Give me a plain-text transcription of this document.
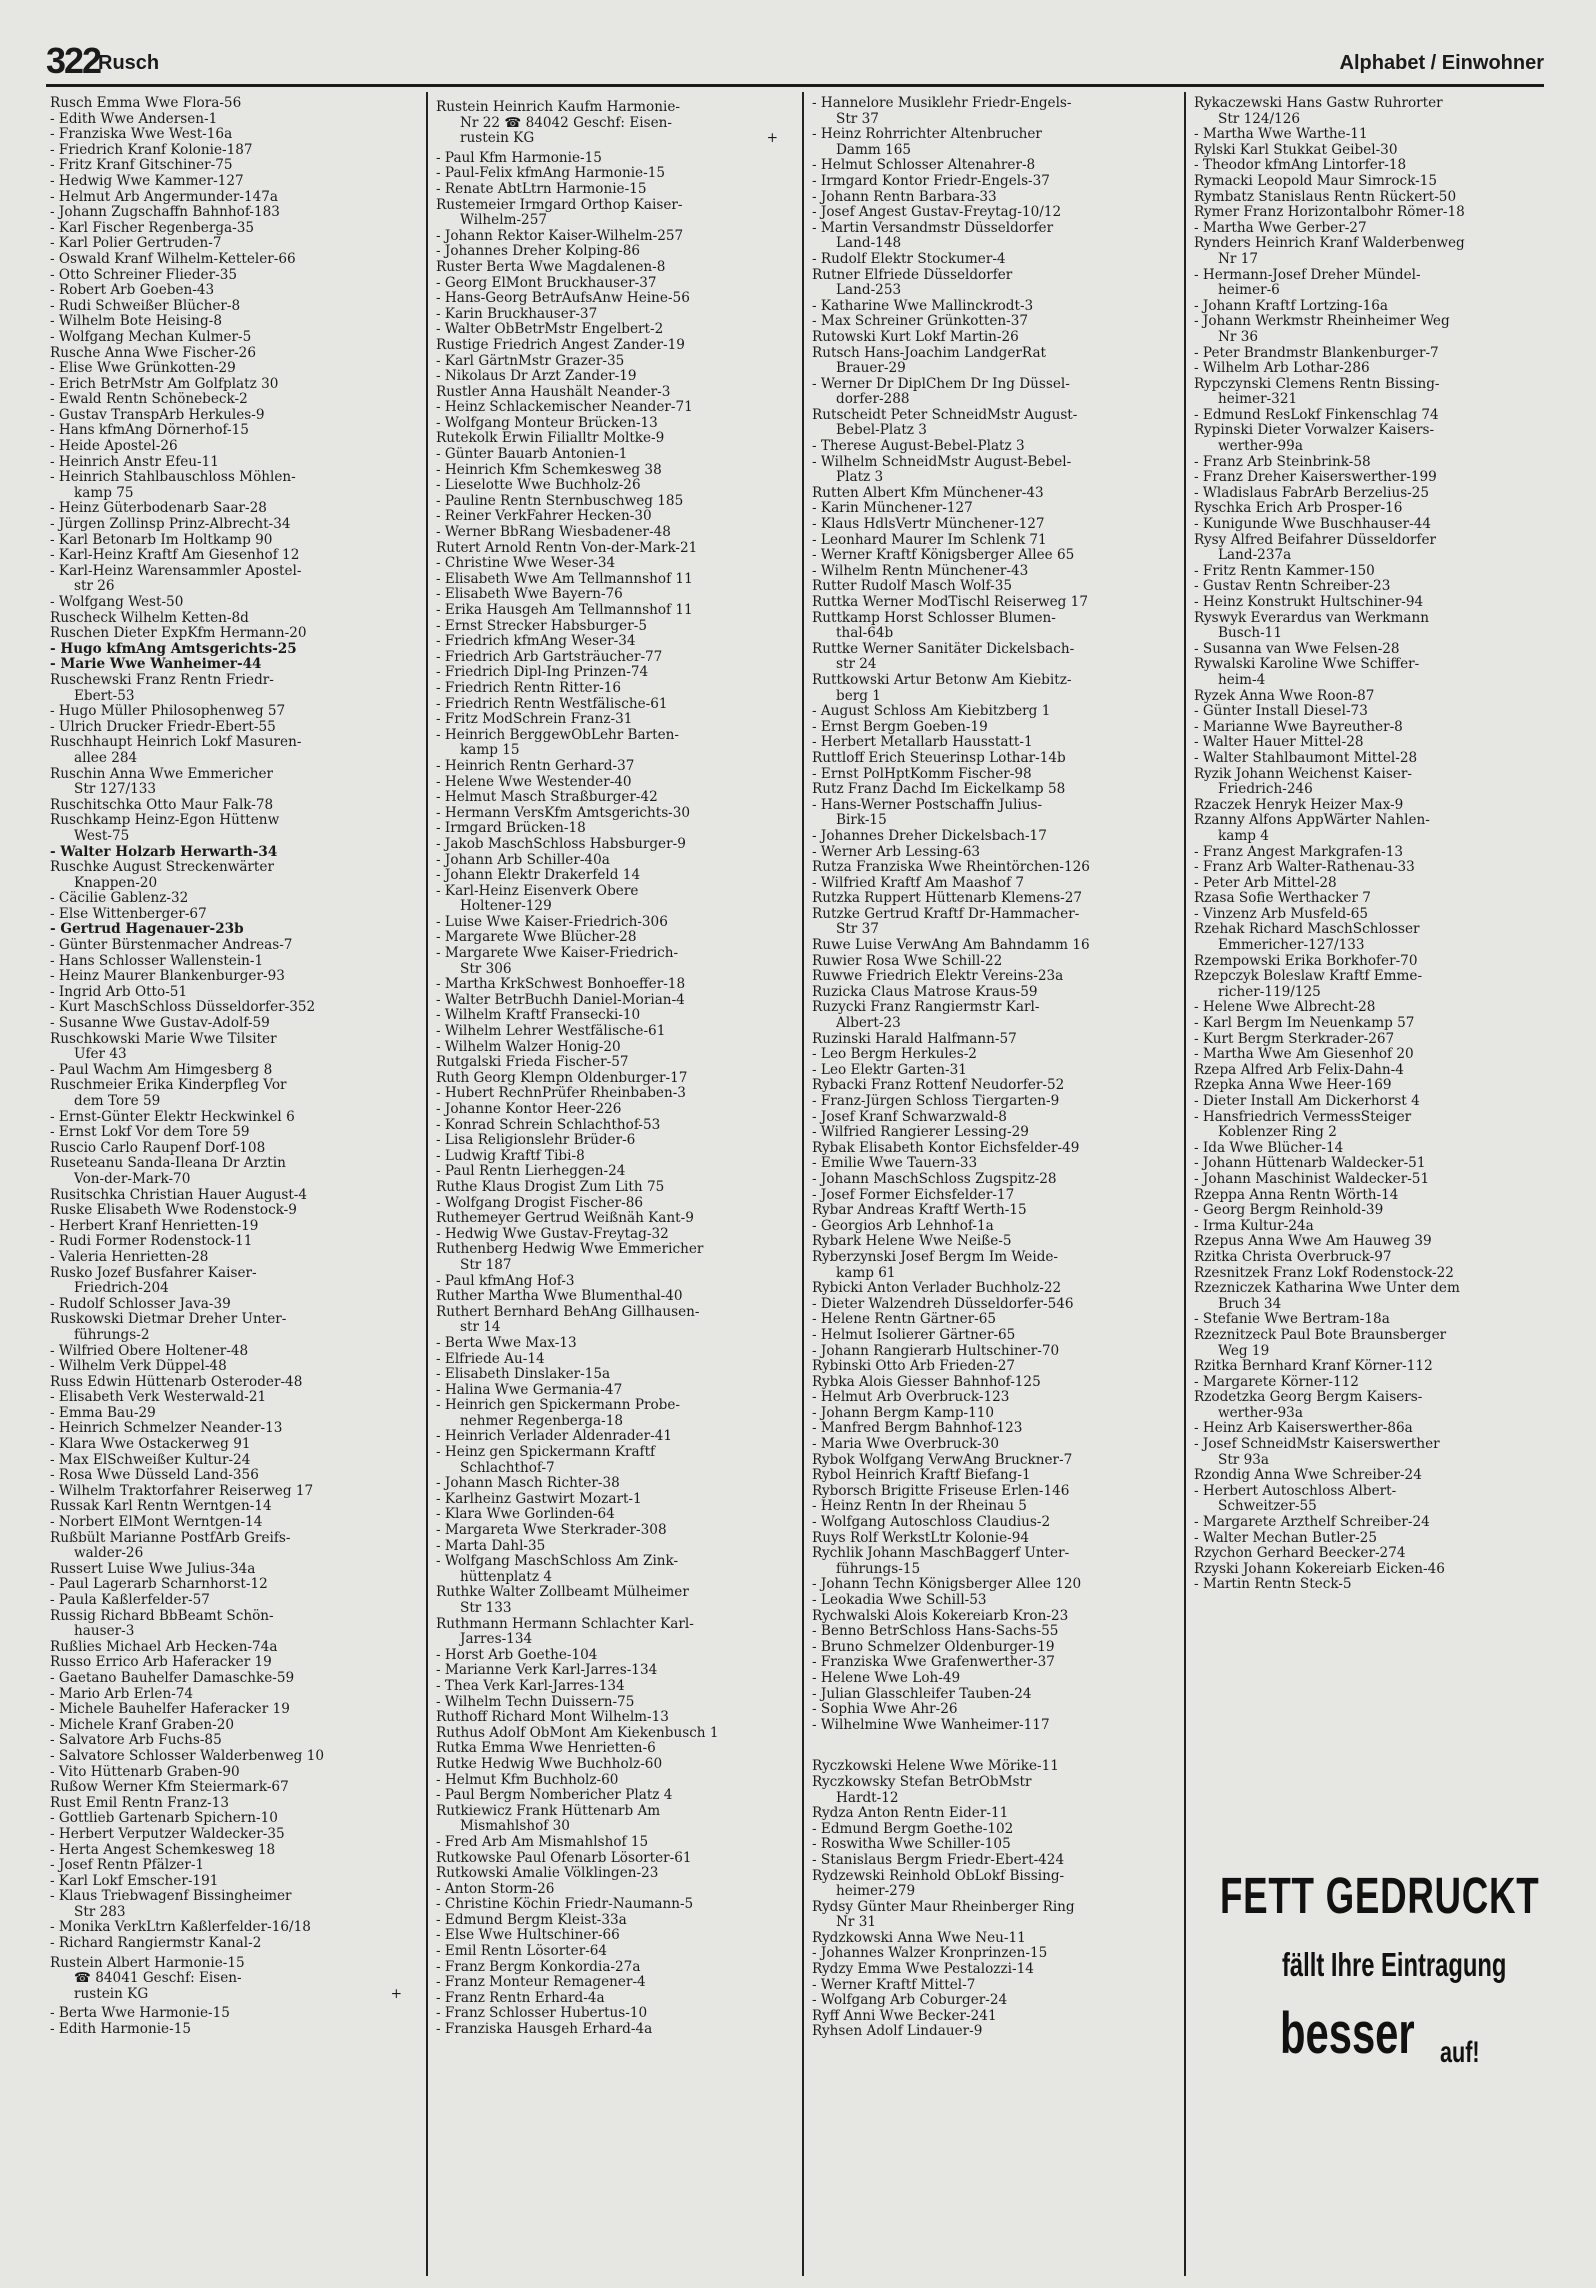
322
Rusch	Alphabet / Einwohner
Rusch Emma Wwe Flora-56
- Edith Wwe Andersen-1
- Franziska Wwe West-16a
- Friedrich Kranf Kolonie-187
- Fritz Kranf Gitschiner-75
- Hedwig Wwe Kammer-127
- Helmut Arb Angermunder-147a
- Johann Zugschaffn Bahnhof-183
- Karl Fischer Regenberga-35
- Karl Polier Gertruden-7
- Oswald Kranf Wilhelm-Ketteler-66
- Otto Schreiner Flieder-35
- Robert Arb Goeben-43
- Rudi Schweißer Blücher-8
- Wilhelm Bote Heising-8
- Wolfgang Mechan Kulmer-5
Rusche Anna Wwe Fischer-26
- Elise Wwe Grünkotten-29
- Erich BetrMstr Am Golfplatz 30
- Ewald Rentn Schönebeck-2
- Gustav TranspArb Herkules-9
- Hans kfmAng Dörnerhof-15
- Heide Apostel-26
- Heinrich Anstr Efeu-11
- Heinrich Stahlbauschloss Möhlen-
kamp 75
- Heinz Güterbodenarb Saar-28
- Jürgen Zollinsp Prinz-Albrecht-34
- Karl Betonarb Im Holtkamp 90
- Karl-Heinz Kraftf Am Giesenhof 12
- Karl-Heinz Warensammler Apostel-
str 26
- Wolfgang West-50
Ruscheck Wilhelm Ketten-8d
Ruschen Dieter ExpKfm Hermann-20
- Hugo kfmAng Amtsgerichts-25
- Marie Wwe Wanheimer-44
Ruschewski Franz Rentn Friedr-
Ebert-53
- Hugo Müller Philosophenweg 57
- Ulrich Drucker Friedr-Ebert-55
Ruschhaupt Heinrich Lokf Masuren-
allee 284
Ruschin Anna Wwe Emmericher
Str 127/133
Ruschitschka Otto Maur Falk-78
Ruschkamp Heinz-Egon Hüttenw
West-75
- Walter Holzarb Herwarth-34
Ruschke August Streckenwärter
Knappen-20
- Cäcilie Gablenz-32
- Else Wittenberger-67
- Gertrud Hagenauer-23b
- Günter Bürstenmacher Andreas-7
- Hans Schlosser Wallenstein-1
- Heinz Maurer Blankenburger-93
- Ingrid Arb Otto-51
- Kurt MaschSchloss Düsseldorfer-352
- Susanne Wwe Gustav-Adolf-59
Ruschkowski Marie Wwe Tilsiter
Ufer 43
- Paul Wachm Am Himgesberg 8
Ruschmeier Erika Kinderpfleg Vor
dem Tore 59
- Ernst-Günter Elektr Heckwinkel 6
- Ernst Lokf Vor dem Tore 59
Ruscio Carlo Raupenf Dorf-108
Ruseteanu Sanda-Ileana Dr Ärztin
Von-der-Mark-70
Rusitschka Christian Hauer August-4
Ruske Elisabeth Wwe Rodenstock-9
- Herbert Kranf Henrietten-19
- Rudi Former Rodenstock-11
- Valeria Henrietten-28
Rusko Jozef Busfahrer Kaiser-
Friedrich-204
- Rudolf Schlosser Java-39
Ruskowski Dietmar Dreher Unter-
führungs-2
- Wilfried Obere Holtener-48
- Wilhelm Verk Düppel-48
Russ Edwin Hüttenarb Osteroder-48
- Elisabeth Verk Westerwald-21
- Emma Bau-29
- Heinrich Schmelzer Neander-13
- Klara Wwe Ostackerweg 91
- Max ElSchweißer Kultur-24
- Rosa Wwe Düsseld Land-356
- Wilhelm Traktorfahrer Reiserweg 17
Russak Karl Rentn Werntgen-14
- Norbert ElMont Werntgen-14
Rußbült Marianne PostfArb Greifs-
walder-26
Russert Luise Wwe Julius-34a
- Paul Lagerarb Scharnhorst-12
- Paula Kaßlerfelder-57
Russig Richard BbBeamt Schön-
hauser-3
Rußlies Michael Arb Hecken-74a
Russo Errico Arb Haferacker 19
- Gaetano Bauhelfer Damaschke-59
- Mario Arb Erlen-74
- Michele Bauhelfer Haferacker 19
- Michele Kranf Graben-20
- Salvatore Arb Fuchs-85
- Salvatore Schlosser Walderbenweg 10
- Vito Hüttenarb Graben-90
Rußow Werner Kfm Steiermark-67
Rust Emil Rentn Franz-13
- Gottlieb Gartenarb Spichern-10
- Herbert Verputzer Waldecker-35
- Herta Angest Schemkesweg 18
- Josef Rentn Pfälzer-1
- Karl Lokf Emscher-191
- Klaus Triebwagenf Bissingheimer
Str 283
- Monika VerkLtrn Kaßlerfelder-16/18
- Richard Rangiermstr Kanal-2
Rustein Albert Harmonie-15
☎ 84041 Geschf: Eisen-
rustein KG	+
- Berta Wwe Harmonie-15
- Edith Harmonie-15
Rustein Heinrich Kaufm Harmonie-
Nr 22 ☎ 84042 Geschf: Eisen-
rustein KG	+
- Paul Kfm Harmonie-15
- Paul-Felix kfmAng Harmonie-15
- Renate AbtLtrn Harmonie-15
Rustemeier Irmgard Orthop Kaiser-
Wilhelm-257
- Johann Rektor Kaiser-Wilhelm-257
- Johannes Dreher Kolping-86
Ruster Berta Wwe Magdalenen-8
- Georg ElMont Bruckhauser-37
- Hans-Georg BetrAufsAnw Heine-56
- Karin Bruckhauser-37
- Walter ObBetrMstr Engelbert-2
Rustige Friedrich Angest Zander-19
- Karl GärtnMstr Grazer-35
- Nikolaus Dr Arzt Zander-19
Rustler Anna Haushält Neander-3
- Heinz Schlackemischer Neander-71
- Wolfgang Monteur Brücken-13
Rutekolk Erwin Filialltr Moltke-9
- Günter Bauarb Antonien-1
- Heinrich Kfm Schemkesweg 38
- Lieselotte Wwe Buchholz-26
- Pauline Rentn Sternbuschweg 185
- Reiner VerkFahrer Hecken-30
- Werner BbRang Wiesbadener-48
Rutert Arnold Rentn Von-der-Mark-21
- Christine Wwe Weser-34
- Elisabeth Wwe Am Tellmannshof 11
- Elisabeth Wwe Bayern-76
- Erika Hausgeh Am Tellmannshof 11
- Ernst Strecker Habsburger-5
- Friedrich kfmAng Weser-34
- Friedrich Arb Gartsträucher-77
- Friedrich Dipl-Ing Prinzen-74
- Friedrich Rentn Ritter-16
- Friedrich Rentn Westfälische-61
- Fritz ModSchrein Franz-31
- Heinrich BerggewObLehr Barten-
kamp 15
- Heinrich Rentn Gerhard-37
- Helene Wwe Westender-40
- Helmut Masch Straßburger-42
- Hermann VersKfm Amtsgerichts-30
- Irmgard Brücken-18
- Jakob MaschSchloss Habsburger-9
- Johann Arb Schiller-40a
- Johann Elektr Drakerfeld 14
- Karl-Heinz Eisenverk Obere
Holtener-129
- Luise Wwe Kaiser-Friedrich-306
- Margarete Wwe Blücher-28
- Margarete Wwe Kaiser-Friedrich-
Str 306
- Martha KrkSchwest Bonhoeffer-18
- Walter BetrBuchh Daniel-Morian-4
- Wilhelm Kraftf Fransecki-10
- Wilhelm Lehrer Westfälische-61
- Wilhelm Walzer Honig-20
Rutgalski Frieda Fischer-57
Ruth Georg Klempn Oldenburger-17
- Hubert RechnPrüfer Rheinbaben-3
- Johanne Kontor Heer-226
- Konrad Schrein Schlachthof-53
- Lisa Religionslehr Brüder-6
- Ludwig Kraftf Tibi-8
- Paul Rentn Lierheggen-24
Ruthe Klaus Drogist Zum Lith 75
- Wolfgang Drogist Fischer-86
Ruthemeyer Gertrud Weißnäh Kant-9
- Hedwig Wwe Gustav-Freytag-32
Ruthenberg Hedwig Wwe Emmericher
Str 187
- Paul kfmAng Hof-3
Ruther Martha Wwe Blumenthal-40
Ruthert Bernhard BehAng Gillhausen-
str 14
- Berta Wwe Max-13
- Elfriede Au-14
- Elisabeth Dinslaker-15a
- Halina Wwe Germania-47
- Heinrich gen Spickermann Probe-
nehmer Regenberga-18
- Heinrich Verlader Aldenrader-41
- Heinz gen Spickermann Kraftf
Schlachthof-7
- Johann Masch Richter-38
- Karlheinz Gastwirt Mozart-1
- Klara Wwe Gorlinden-64
- Margareta Wwe Sterkrader-308
- Marta Dahl-35
- Wolfgang MaschSchloss Am Zink-
hüttenplatz 4
Ruthke Walter Zollbeamt Mülheimer
Str 133
Ruthmann Hermann Schlachter Karl-
Jarres-134
- Horst Arb Goethe-104
- Marianne Verk Karl-Jarres-134
- Thea Verk Karl-Jarres-134
- Wilhelm Techn Duissern-75
Ruthoff Richard Mont Wilhelm-13
Ruthus Adolf ObMont Am Kiekenbusch 1
Rutka Emma Wwe Henrietten-6
Rutke Hedwig Wwe Buchholz-60
- Helmut Kfm Buchholz-60
- Paul Bergm Nombericher Platz 4
Rutkiewicz Frank Hüttenarb Am
Mismahlshof 30
- Fred Arb Am Mismahlshof 15
Rutkowske Paul Ofenarb Lösorter-61
Rutkowski Amalie Völklingen-23
- Anton Storm-26
- Christine Köchin Friedr-Naumann-5
- Edmund Bergm Kleist-33a
- Else Wwe Hultschiner-66
- Emil Rentn Lösorter-64
- Franz Bergm Konkordia-27a
- Franz Monteur Remagener-4
- Franz Rentn Erhard-4a
- Franz Schlosser Hubertus-10
- Franziska Hausgeh Erhard-4a
- Hannelore Musiklehr Friedr-Engels-
Str 37
- Heinz Rohrrichter Altenbrucher
Damm 165
- Helmut Schlosser Altenahrer-8
- Irmgard Kontor Friedr-Engels-37
- Johann Rentn Barbara-33
- Josef Angest Gustav-Freytag-10/12
- Martin Versandmstr Düsseldorfer
Land-148
- Rudolf Elektr Stockumer-4
Rutner Elfriede Düsseldorfer
Land-253
- Katharine Wwe Mallinckrodt-3
- Max Schreiner Grünkotten-37
Rutowski Kurt Lokf Martin-26
Rutsch Hans-Joachim LandgerRat
Brauer-29
- Werner Dr DiplChem Dr Ing Düssel-
dorfer-288
Rutscheidt Peter SchneidMstr August-
Bebel-Platz 3
- Therese August-Bebel-Platz 3
- Wilhelm SchneidMstr August-Bebel-
Platz 3
Rutten Albert Kfm Münchener-43
- Karin Münchener-127
- Klaus HdlsVertr Münchener-127
- Leonhard Maurer Im Schlenk 71
- Werner Kraftf Königsberger Allee 65
- Wilhelm Rentn Münchener-43
Rutter Rudolf Masch Wolf-35
Ruttka Werner ModTischl Reiserweg 17
Ruttkamp Horst Schlosser Blumen-
thal-64b
Ruttke Werner Sanitäter Dickelsbach-
str 24
Ruttkowski Artur Betonw Am Kiebitz-
berg 1
- August Schloss Am Kiebitzberg 1
- Ernst Bergm Goeben-19
- Herbert Metallarb Hausstatt-1
Ruttloff Erich Steuerinsp Lothar-14b
- Ernst PolHptKomm Fischer-98
Rutz Franz Dachd Im Eickelkamp 58
- Hans-Werner Postschaffn Julius-
Birk-15
- Johannes Dreher Dickelsbach-17
- Werner Arb Lessing-63
Rutza Franziska Wwe Rheintörchen-126
- Wilfried Kraftf Am Maashof 7
Rutzka Ruppert Hüttenarb Klemens-27
Rutzke Gertrud Kraftf Dr-Hammacher-
Str 37
Ruwe Luise VerwAng Am Bahndamm 16
Ruwier Rosa Wwe Schill-22
Ruwwe Friedrich Elektr Vereins-23a
Ruzicka Claus Matrose Kraus-59
Ruzycki Franz Rangiermstr Karl-
Albert-23
Ruzinski Harald Halfmann-57
- Leo Bergm Herkules-2
- Leo Elektr Garten-31
Rybacki Franz Rottenf Neudorfer-52
- Franz-Jürgen Schloss Tiergarten-9
- Josef Kranf Schwarzwald-8
- Wilfried Rangierer Lessing-29
Rybak Elisabeth Kontor Eichsfelder-49
- Emilie Wwe Tauern-33
- Johann MaschSchloss Zugspitz-28
- Josef Former Eichsfelder-17
Rybar Andreas Kraftf Werth-15
- Georgios Arb Lehnhof-1a
Rybark Helene Wwe Neiße-5
Ryberzynski Josef Bergm Im Weide-
kamp 61
Rybicki Anton Verlader Buchholz-22
- Dieter Walzendreh Düsseldorfer-546
- Helene Rentn Gärtner-65
- Helmut Isolierer Gärtner-65
- Johann Rangierarb Hultschiner-70
Rybinski Otto Arb Frieden-27
Rybka Alois Giesser Bahnhof-125
- Helmut Arb Overbruck-123
- Johann Bergm Kamp-110
- Manfred Bergm Bahnhof-123
- Maria Wwe Overbruck-30
Rybok Wolfgang VerwAng Bruckner-7
Rybol Heinrich Kraftf Biefang-1
Ryborsch Brigitte Friseuse Erlen-146
- Heinz Rentn In der Rheinau 5
- Wolfgang Autoschloss Claudius-2
Ruys Rolf WerkstLtr Kolonie-94
Rychlik Johann MaschBaggerf Unter-
führungs-15
- Johann Techn Königsberger Allee 120
- Leokadia Wwe Schill-53
Rychwalski Alois Kokereiarb Kron-23
- Benno BetrSchloss Hans-Sachs-55
- Bruno Schmelzer Oldenburger-19
- Franziska Wwe Grafenwerther-37
- Helene Wwe Loh-49
- Julian Glasschleifer Tauben-24
- Sophia Wwe Ahr-26
- Wilhelmine Wwe Wanheimer-117
Ryczkowski Helene Wwe Mörike-11
Ryczkowsky Stefan BetrObMstr
Hardt-12
Rydza Anton Rentn Eider-11
- Edmund Bergm Goethe-102
- Roswitha Wwe Schiller-105
- Stanislaus Bergm Friedr-Ebert-424
Rydzewski Reinhold ObLokf Bissing-
heimer-279
Rydsy Günter Maur Rheinberger Ring
Nr 31
Rydzkowski Anna Wwe Neu-11
- Johannes Walzer Kronprinzen-15
Rydzy Emma Wwe Pestalozzi-14
- Werner Kraftf Mittel-7
- Wolfgang Arb Coburger-24
Ryff Anni Wwe Becker-241
Ryhsen Adolf Lindauer-9
Rykaczewski Hans Gastw Ruhrorter
Str 124/126
- Martha Wwe Warthe-11
Rylski Karl Stukkat Geibel-30
- Theodor kfmAng Lintorfer-18
Rymacki Leopold Maur Simrock-15
Rymbatz Stanislaus Rentn Rückert-50
Rymer Franz Horizontalbohr Römer-18
- Martha Wwe Gerber-27
Rynders Heinrich Kranf Walderbenweg
Nr 17
- Hermann-Josef Dreher Mündel-
heimer-6
- Johann Kraftf Lortzing-16a
- Johann Werkmstr Rheinheimer Weg
Nr 36
- Peter Brandmstr Blankenburger-7
- Wilhelm Arb Lothar-286
Rypczynski Clemens Rentn Bissing-
heimer-321
- Edmund ResLokf Finkenschlag 74
Rypinski Dieter Vorwalzer Kaisers-
werther-99a
- Franz Arb Steinbrink-58
- Franz Dreher Kaiserswerther-199
- Wladislaus FabrArb Berzelius-25
Ryschka Erich Arb Prosper-16
- Kunigunde Wwe Buschhauser-44
Rysy Alfred Beifahrer Düsseldorfer
Land-237a
- Fritz Rentn Kammer-150
- Gustav Rentn Schreiber-23
- Heinz Konstrukt Hultschiner-94
Ryswyk Everardus van Werkmann
Busch-11
- Susanna van Wwe Felsen-28
Rywalski Karoline Wwe Schiffer-
heim-4
Ryzek Anna Wwe Roon-87
- Günter Install Diesel-73
- Marianne Wwe Bayreuther-8
- Walter Hauer Mittel-28
- Walter Stahlbaumont Mittel-28
Ryzik Johann Weichenst Kaiser-
Friedrich-246
Rzaczek Henryk Heizer Max-9
Rzanny Alfons AppWärter Nahlen-
kamp 4
- Franz Angest Markgrafen-13
- Franz Arb Walter-Rathenau-33
- Peter Arb Mittel-28
Rzasa Sofie Werthacker 7
- Vinzenz Arb Musfeld-65
Rzehak Richard MaschSchlosser
Emmericher-127/133
Rzempowski Erika Borkhofer-70
Rzepczyk Boleslaw Kraftf Emme-
richer-119/125
- Helene Wwe Albrecht-28
- Karl Bergm Im Neuenkamp 57
- Kurt Bergm Sterkrader-267
- Martha Wwe Am Giesenhof 20
Rzepa Alfred Arb Felix-Dahn-4
Rzepka Anna Wwe Heer-169
- Dieter Install Am Dickerhorst 4
- Hansfriedrich VermessSteiger
Koblenzer Ring 2
- Ida Wwe Blücher-14
- Johann Hüttenarb Waldecker-51
- Johann Maschinist Waldecker-51
Rzeppa Anna Rentn Wörth-14
- Georg Bergm Reinhold-39
- Irma Kultur-24a
Rzepus Anna Wwe Am Hauweg 39
Rzitka Christa Overbruck-97
Rzesnitzek Franz Lokf Rodenstock-22
Rzezniczek Katharina Wwe Unter dem
Bruch 34
- Stefanie Wwe Bertram-18a
Rzeznitzeck Paul Bote Braunsberger
Weg 19
Rzitka Bernhard Kranf Körner-112
- Margarete Körner-112
Rzodetzka Georg Bergm Kaisers-
werther-93a
- Heinz Arb Kaiserswerther-86a
- Josef SchneidMstr Kaiserswerther
Str 93a
Rzondig Anna Wwe Schreiber-24
- Herbert Autoschloss Albert-
Schweitzer-55
- Margarete Arzthelf Schreiber-24
- Walter Mechan Butler-25
Rzychon Gerhard Beecker-274
Rzyski Johann Kokereiarb Eicken-46
- Martin Rentn Steck-5
FETT GEDRUCKT
fällt Ihre Eintragung
besser auf!
